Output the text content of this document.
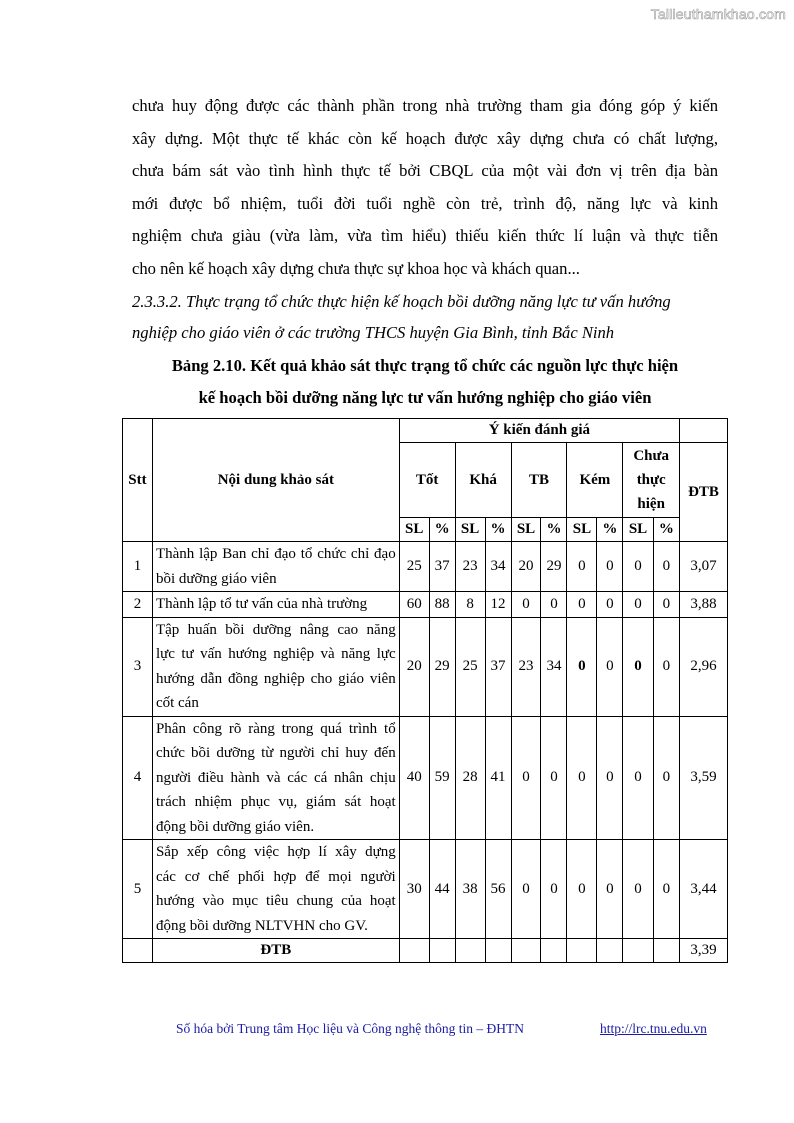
Tailieuthamkhao.com

chưa huy động được các thành phần trong nhà trường tham gia đóng góp ý kiến
xây dựng. Một thực tế khác còn kế hoạch được xây dựng chưa có chất lượng,
chưa bám sát vào tình hình thực tế bởi CBQL của một vài đơn vị trên địa bàn
mới được bổ nhiệm, tuổi đời tuổi nghề còn trẻ, trình độ, năng lực và kinh
nghiệm chưa giàu (vừa làm, vừa tìm hiểu) thiếu kiến thức lí luận và thực tiễn
cho nên kế hoạch xây dựng chưa thực sự khoa học và khách quan...

2.3.3.2. Thực trạng tổ chức thực hiện kế hoạch bồi dưỡng năng lực tư vấn hướng
nghiệp cho giáo viên ở các trường THCS huyện Gia Bình, tỉnh Bắc Ninh

Bảng 2.10. Kết quả khảo sát thực trạng tổ chức các nguồn lực thực hiện
kế hoạch bồi dưỡng năng lực tư vấn hướng nghiệp cho giáo viên

Stt	Nội dung khảo sát	Ý kiến đánh giá										
		Tốt		Khá		TB		Kém		Chưa thực hiện		ĐTB
		SL	%	SL	%	SL	%	SL	%	SL	%	
1	Thành lập Ban chỉ đạo tổ chức chỉ đạo
bồi dưỡng giáo viên	25	37	23	34	20	29	0	0	0	0	3,07
2	Thành lập tổ tư vấn của nhà trường	60	88	8	12	0	0	0	0	0	0	3,88
3	Tập huấn bồi dưỡng nâng cao năng
lực tư vấn hướng nghiệp và năng lực
hướng dẫn đồng nghiệp cho giáo viên
cốt cán	20	29	25	37	23	34	0	0	0	0	2,96
4	Phân công rõ ràng trong quá trình tổ
chức bồi dưỡng từ người chỉ huy đến
người điều hành và các cá nhân chịu
trách nhiệm phục vụ, giám sát hoạt
động bồi dưỡng giáo viên.	40	59	28	41	0	0	0	0	0	0	3,59
5	Sắp xếp công việc hợp lí xây dựng
các cơ chế phối hợp để mọi người
hướng vào mục tiêu chung của hoạt
động bồi dưỡng NLTVHN cho GV.	30	44	38	56	0	0	0	0	0	0	3,44
	ĐTB											3,39
Số hóa bởi Trung tâm Học liệu và Công nghệ thông tin – ĐHTN	http://lrc.tnu.edu.vn
